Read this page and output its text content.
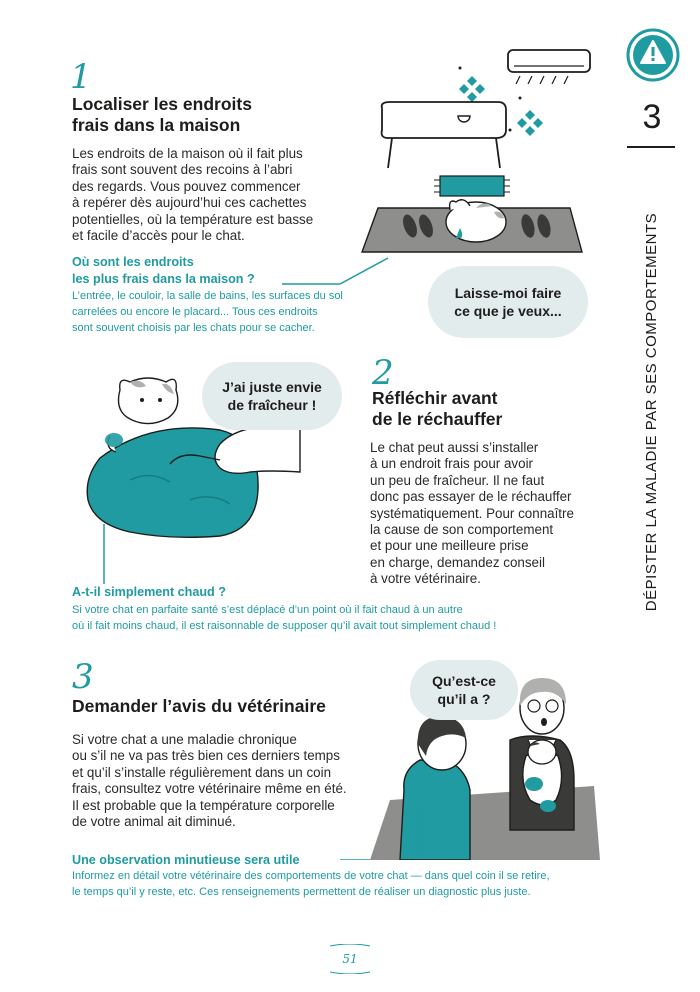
3
DÉPISTER LA MALADIE PAR SES COMPORTEMENTS
1
Localiser les endroits
frais dans la maison
Les endroits de la maison où il fait plus
frais sont souvent des recoins à l’abri
des regards. Vous pouvez commencer
à repérer dès aujourd’hui ces cachettes
potentielles, où la température est basse
et facile d’accès pour le chat.
Où sont les endroits
les plus frais dans la maison ?
L’entrée, le couloir, la salle de bains, les surfaces du sol
carrelées ou encore le placard... Tous ces endroits
sont souvent choisis par les chats pour se cacher.
Laisse-moi faire
ce que je veux...
2
Réfléchir avant
de le réchauffer
Le chat peut aussi s’installer
à un endroit frais pour avoir
un peu de fraîcheur. Il ne faut
donc pas essayer de le réchauffer
systématiquement. Pour connaître
la cause de son comportement
et pour une meilleure prise
en charge, demandez conseil
à votre vétérinaire.
J’ai juste envie
de fraîcheur !
A-t-il simplement chaud ?
Si votre chat en parfaite santé s’est déplacé d’un point où il fait chaud à un autre
où il fait moins chaud, il est raisonnable de supposer qu’il avait tout simplement chaud !
3
Demander l’avis du vétérinaire
Si votre chat a une maladie chronique
ou s’il ne va pas très bien ces derniers temps
et qu’il s’installe régulièrement dans un coin
frais, consultez votre vétérinaire même en été.
Il est probable que la température corporelle
de votre animal ait diminué.
Qu’est-ce
qu’il a ?
Une observation minutieuse sera utile
Informez en détail votre vétérinaire des comportements de votre chat — dans quel coin il se retire,
le temps qu’il y reste, etc. Ces renseignements permettent de réaliser un diagnostic plus juste.
51
